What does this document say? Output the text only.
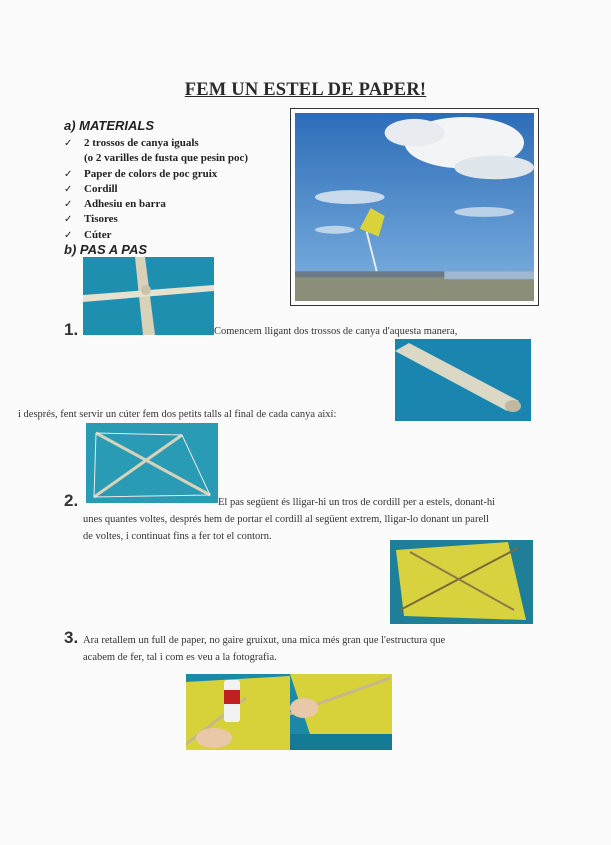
FEM UN ESTEL DE PAPER!
a) MATERIALS
✓ 2 trossos de canya iguals
(o 2 varilles de fusta que pesin poc)
✓ Paper de colors de poc gruix
✓ Cordill
✓ Adhesiu en barra
✓ Tisores
✓ Cúter
b) PAS A PAS
1.	Comencem lligant dos trossos de canya d'aquesta manera,
i després, fent servir un cúter fem dos petits talls al final de cada canya així:
2.	El pas següent és lligar-hi un tros de cordill per a estels, donant-hi
unes quantes voltes, després hem de portar el cordill al següent extrem, lligar-lo donant un parell
de voltes, i continuat fins a fer tot el contorn.
3. Ara retallem un full de paper, no gaire gruixut, una mica més gran que l'estructura que
acabem de fer, tal i com es veu a la fotografia.
